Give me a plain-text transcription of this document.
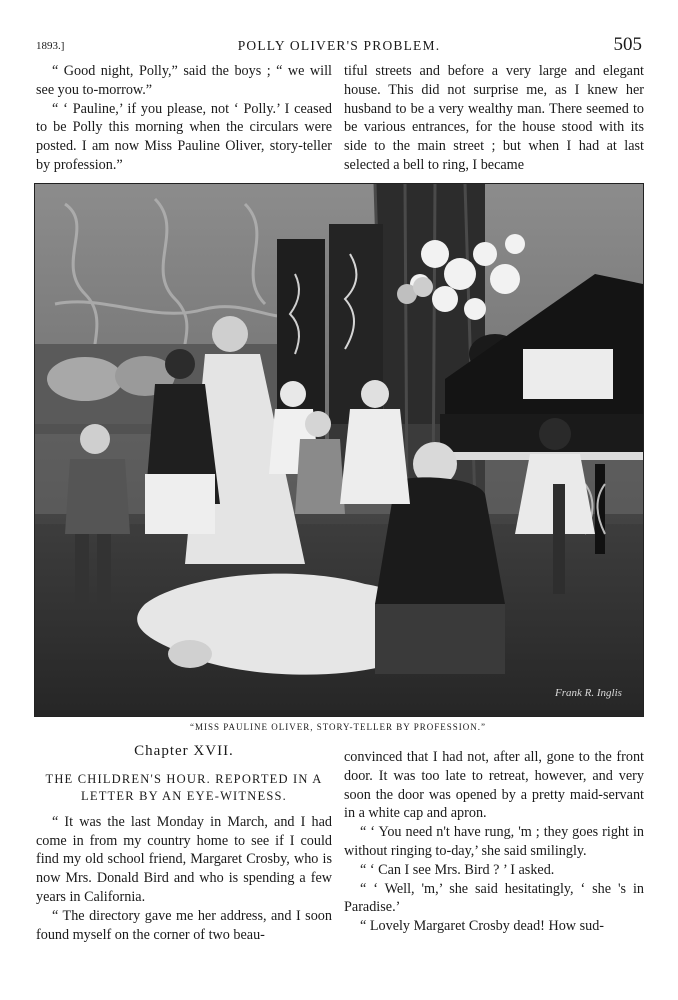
1893.]	POLLY OLIVER'S PROBLEM.	505

“ Good night, Polly,” said the boys ; “ we will see you to-morrow.”

“ ‘ Pauline,’ if you please, not ‘ Polly.’ I ceased to be Polly this morning when the circulars were posted. I am now Miss Pauline Oliver, story-teller by profession.”

tiful streets and before a very large and elegant house. This did not surprise me, as I knew her husband to be a very wealthy man. There seemed to be various entrances, for the house stood with its side to the main street ; but when I had at last selected a bell to ring, I became

Frank R. Inglis
“MISS PAULINE OLIVER, STORY-TELLER BY PROFESSION.”
Chapter XVII.
THE CHILDREN'S HOUR. REPORTED IN A LETTER BY AN EYE-WITNESS.

“ It was the last Monday in March, and I had come in from my country home to see if I could find my old school friend, Margaret Crosby, who is now Mrs. Donald Bird and who is spending a few years in California.

“ The directory gave me her address, and I soon found myself on the corner of two beau-

convinced that I had not, after all, gone to the front door. It was too late to retreat, however, and very soon the door was opened by a pretty maid-servant in a white cap and apron.

“ ‘ You need n't have rung, 'm ; they goes right in without ringing to-day,’ she said smilingly.

“ ‘ Can I see Mrs. Bird ? ’ I asked.

“ ‘ Well, 'm,’ she said hesitatingly, ‘ she 's in Paradise.’

“ Lovely Margaret Crosby dead! How sud-
